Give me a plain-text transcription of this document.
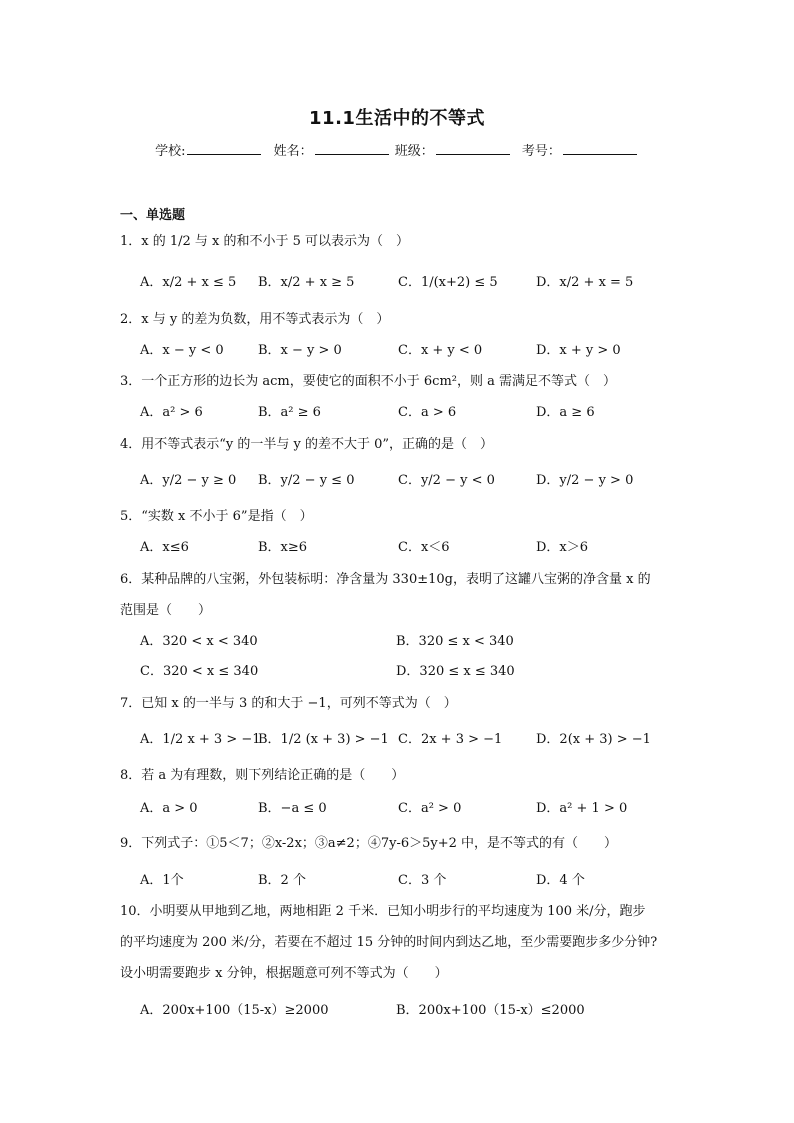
11.1生活中的不等式
学校:	姓名：	班级：	考号：
一、单选题
1．x 的 1/2 与 x 的和不小于 5 可以表示为（　）
A．x/2 + x ≤ 5 B．x/2 + x ≥ 5	C．1/(x+2) ≤ 5	D．x/2 + x = 5
2．x 与 y 的差为负数，用不等式表示为（　）
A．x − y < 0	B．x − y > 0	C．x + y < 0	D．x + y > 0
3．一个正方形的边长为 acm，要使它的面积不小于 6cm²，则 a 需满足不等式（　）
A．a² > 6	B．a² ≥ 6	C．a > 6	D．a ≥ 6
4．用不等式表示“y 的一半与 y 的差不大于 0”，正确的是（　）
A．y/2 − y ≥ 0 B．y/2 − y ≤ 0	C．y/2 − y < 0	D．y/2 − y > 0
5．“实数 x 不小于 6”是指（　）
A．x≤6	B．x≥6	C．x＜6	D．x＞6
6．某种品牌的八宝粥，外包装标明：净含量为 330±10g，表明了这罐八宝粥的净含量 x 的
范围是（　　）
A．320 < x < 340	B．320 ≤ x < 340
C．320 < x ≤ 340	D．320 ≤ x ≤ 340
7．已知 x 的一半与 3 的和大于 −1，可列不等式为（　）
A．1/2 x + 3 > −1
B．1/2 (x + 3) > −1 C．2x + 3 > −1	D．2(x + 3) > −1
8．若 a 为有理数，则下列结论正确的是（　　）
A．a > 0	B．−a ≤ 0	C．a² > 0	D．a² + 1 > 0
9．下列式子：①5＜7；②x-2x；③a≠2；④7y-6＞5y+2 中，是不等式的有（　　）
A．1个	B．2 个	C．3 个	D．4 个
10．小明要从甲地到乙地，两地相距 2 千米．已知小明步行的平均速度为 100 米/分，跑步
的平均速度为 200 米/分，若要在不超过 15 分钟的时间内到达乙地，至少需要跑步多少分钟?
设小明需要跑步 x 分钟，根据题意可列不等式为（　　）
A．200x+100（15-x）≥2000	B．200x+100（15-x）≤2000
